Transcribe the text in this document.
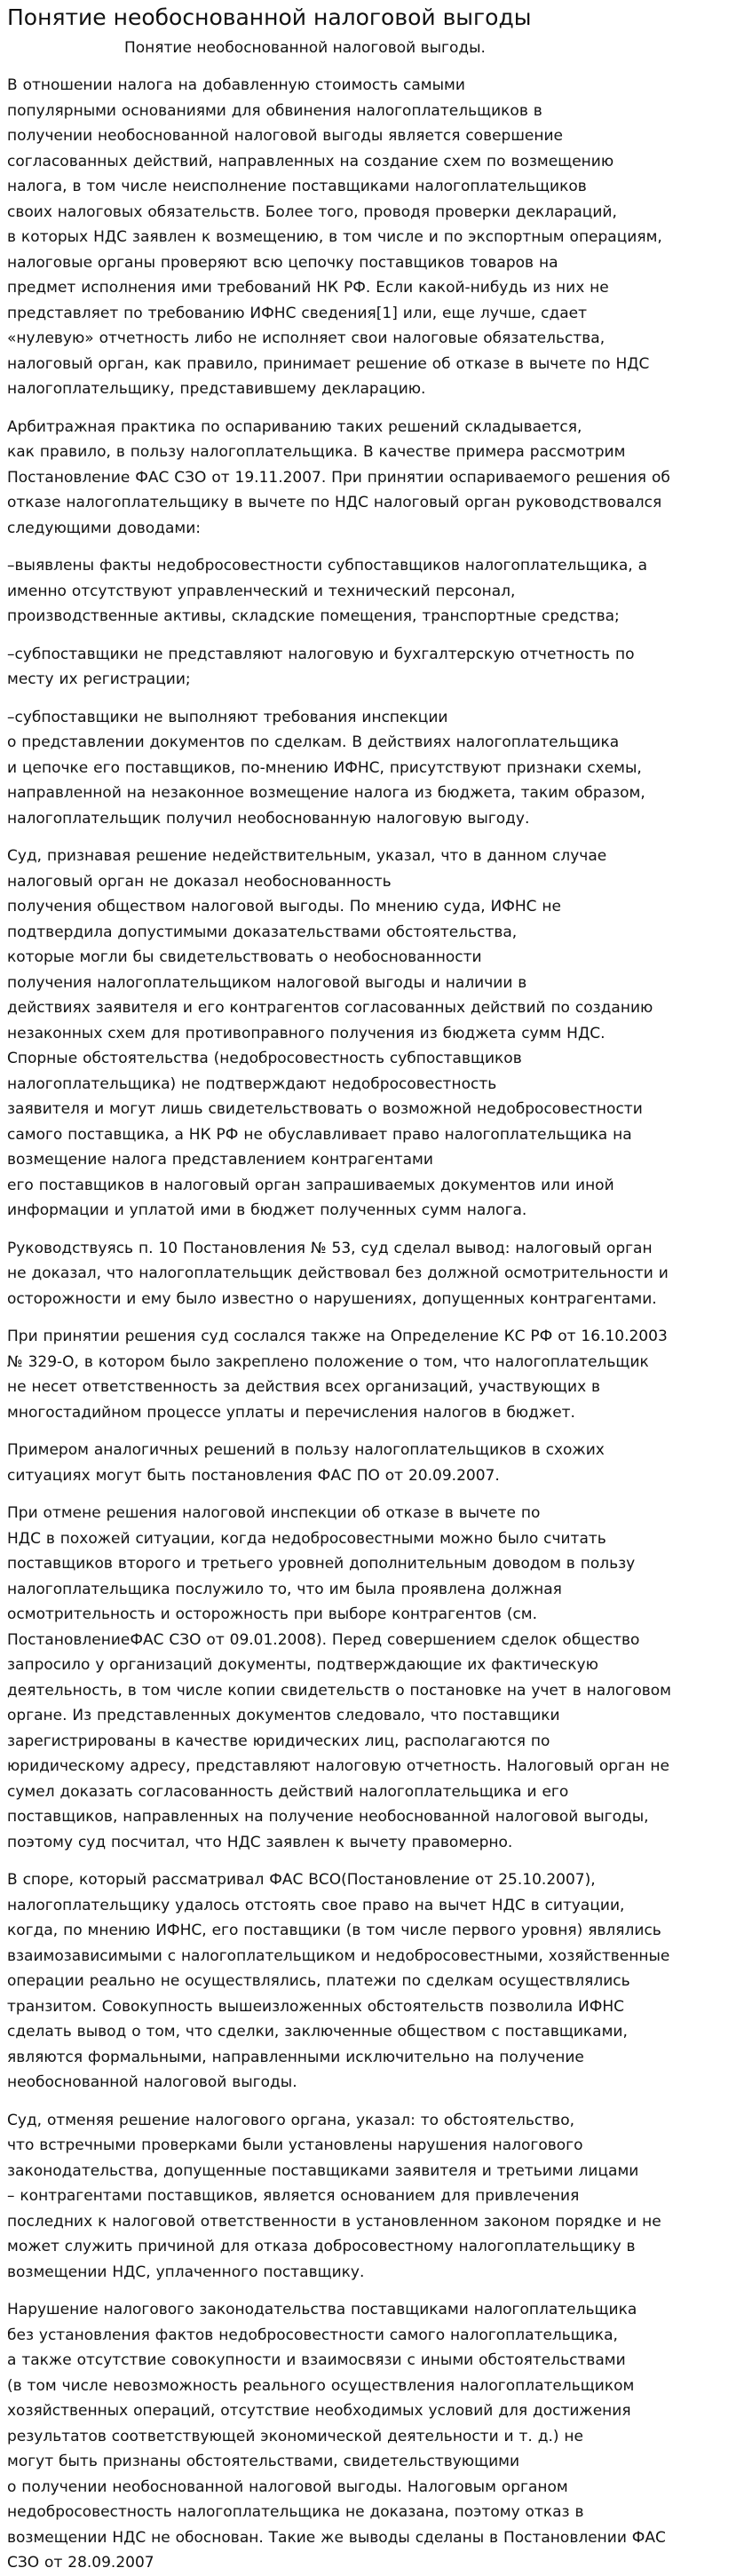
Понятие необоснованной налоговой выгоды
Понятие необоснованной налоговой выгоды.

В отношении налога на добавленную стоимость самыми
популярными основаниями для обвинения налогоплательщиков в
получении необоснованной налоговой выгоды является совершение
согласованных действий, направленных на создание схем по возмещению
налога, в том числе неисполнение поставщиками налогоплательщиков
своих налоговых обязательств. Более того, проводя проверки деклараций,
в которых НДС заявлен к возмещению, в том числе и по экспортным операциям,
налоговые органы проверяют всю цепочку поставщиков товаров на
предмет исполнения ими требований НК РФ. Если какой-нибудь из них не
представляет по требованию ИФНС сведения[1] или, еще лучше, сдает
«нулевую» отчетность либо не исполняет свои налоговые обязательства,
налоговый орган, как правило, принимает решение об отказе в вычете по НДС
налогоплательщику, представившему декларацию.

Арбитражная практика по оспариванию таких решений складывается,
как правило, в пользу налогоплательщика. В качестве примера рассмотрим
Постановление ФАС СЗО от 19.11.2007. При принятии оспариваемого решения об
отказе налогоплательщику в вычете по НДС налоговый орган руководствовался
следующими доводами:

–выявлены факты недобросовестности субпоставщиков налогоплательщика, а
именно отсутствуют управленческий и технический персонал,
производственные активы, складские помещения, транспортные средства;

–субпоставщики не представляют налоговую и бухгалтерскую отчетность по
месту их регистрации;

–субпоставщики не выполняют требования инспекции
о представлении документов по сделкам. В действиях налогоплательщика
и цепочке его поставщиков, по-мнению ИФНС, присутствуют признаки схемы,
направленной на незаконное возмещение налога из бюджета, таким образом,
налогоплательщик получил необоснованную налоговую выгоду.

Суд, признавая решение недействительным, указал, что в данном случае
налоговый орган не доказал необоснованность
получения обществом налоговой выгоды. По мнению суда, ИФНС не
подтвердила допустимыми доказательствами обстоятельства,
которые могли бы свидетельствовать о необоснованности
получения налогоплательщиком налоговой выгоды и наличии в
действиях заявителя и его контрагентов согласованных действий по созданию
незаконных схем для противоправного получения из бюджета сумм НДС.
Спорные обстоятельства (недобросовестность субпоставщиков
налогоплательщика) не подтверждают недобросовестность
заявителя и могут лишь свидетельствовать о возможной недобросовестности
самого поставщика, а НК РФ не обуславливает право налогоплательщика на
возмещение налога представлением контрагентами
его поставщиков в налоговый орган запрашиваемых документов или иной
информации и уплатой ими в бюджет полученных сумм налога.

Руководствуясь п. 10 Постановления № 53, суд сделал вывод: налоговый орган
не доказал, что налогоплательщик действовал без должной осмотрительности и
осторожности и ему было известно о нарушениях, допущенных контрагентами.

При принятии решения суд сослался также на Определение КС РФ от 16.10.2003
№ 329-О, в котором было закреплено положение о том, что налогоплательщик
не несет ответственность за действия всех организаций, участвующих в
многостадийном процессе уплаты и перечисления налогов в бюджет.

Примером аналогичных решений в пользу налогоплательщиков в схожих
ситуациях могут быть постановления ФАС ПО от 20.09.2007.

При отмене решения налоговой инспекции об отказе в вычете по
НДС в похожей ситуации, когда недобросовестными можно было считать
поставщиков второго и третьего уровней дополнительным доводом в пользу
налогоплательщика послужило то, что им была проявлена должная
осмотрительность и осторожность при выборе контрагентов (см.
ПостановлениеФАС СЗО от 09.01.2008). Перед совершением сделок общество
запросило у организаций документы, подтверждающие их фактическую
деятельность, в том числе копии свидетельств о постановке на учет в налоговом
органе. Из представленных документов следовало, что поставщики
зарегистрированы в качестве юридических лиц, располагаются по
юридическому адресу, представляют налоговую отчетность. Налоговый орган не
сумел доказать согласованность действий налогоплательщика и его
поставщиков, направленных на получение необоснованной налоговой выгоды,
поэтому суд посчитал, что НДС заявлен к вычету правомерно.

В споре, который рассматривал ФАС ВСО(Постановление от 25.10.2007),
налогоплательщику удалось отстоять свое право на вычет НДС в ситуации,
когда, по мнению ИФНС, его поставщики (в том числе первого уровня) являлись
взаимозависимыми с налогоплательщиком и недобросовестными, хозяйственные
операции реально не осуществлялись, платежи по сделкам осуществлялись
транзитом. Совокупность вышеизложенных обстоятельств позволила ИФНС
сделать вывод о том, что сделки, заключенные обществом с поставщиками,
являются формальными, направленными исключительно на получение
необоснованной налоговой выгоды.

Суд, отменяя решение налогового органа, указал: то обстоятельство,
что встречными проверками были установлены нарушения налогового
законодательства, допущенные поставщиками заявителя и третьими лицами
– контрагентами поставщиков, является основанием для привлечения
последних к налоговой ответственности в установленном законом порядке и не
может служить причиной для отказа добросовестному налогоплательщику в
возмещении НДС, уплаченного поставщику.

Нарушение налогового законодательства поставщиками налогоплательщика
без установления фактов недобросовестности самого налогоплательщика,
а также отсутствие совокупности и взаимосвязи с иными обстоятельствами
(в том числе невозможность реального осуществления налогоплательщиком
хозяйственных операций, отсутствие необходимых условий для достижения
результатов соответствующей экономической деятельности и т. д.) не
могут быть признаны обстоятельствами, свидетельствующими
о получении необоснованной налоговой выгоды. Налоговым органом
недобросовестность налогоплательщика не доказана, поэтому отказ в
возмещении НДС не обоснован. Такие же выводы сделаны в Постановлении ФАС
СЗО от 28.09.2007
